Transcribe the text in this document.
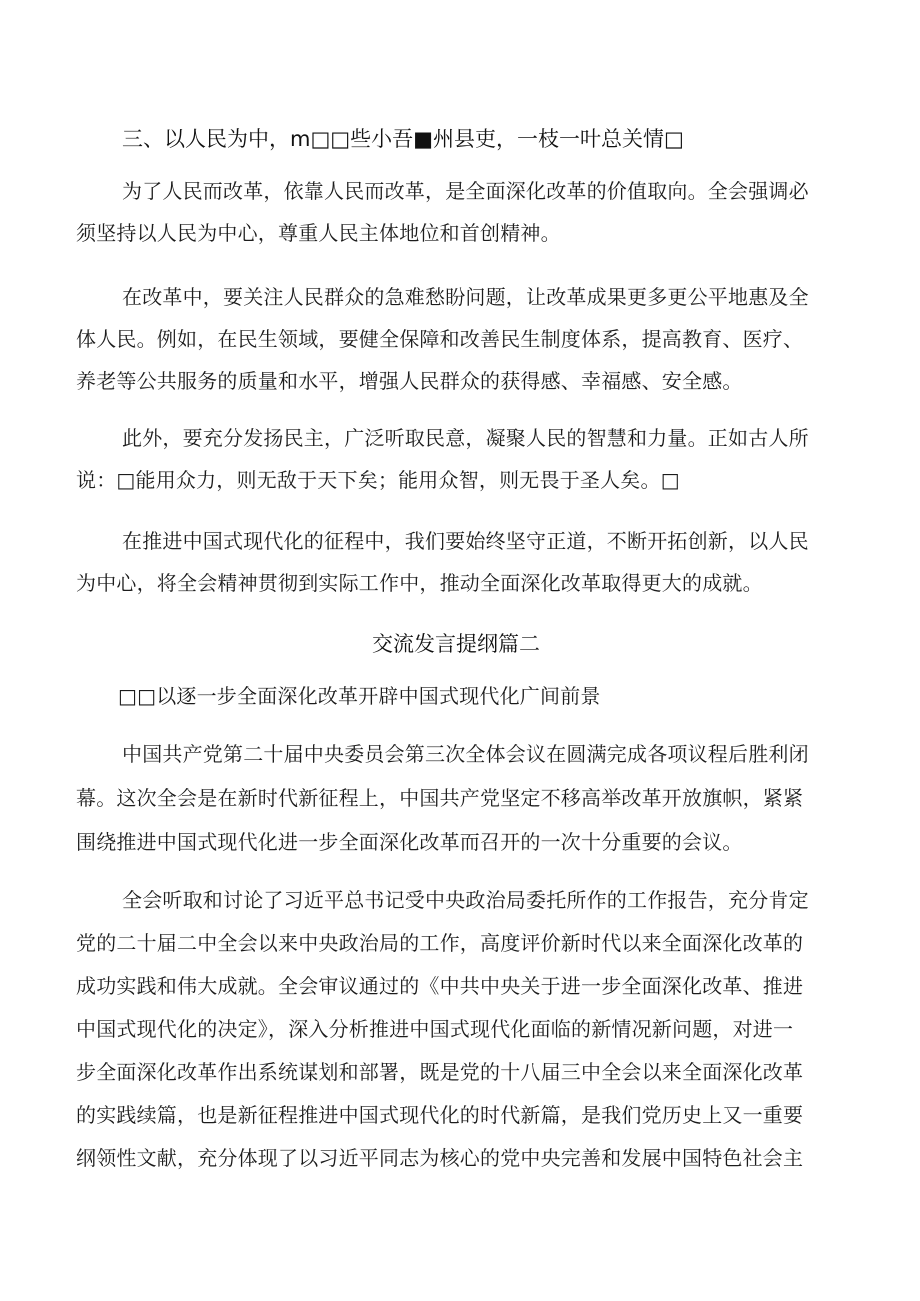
三、以人民为中，m□□些小吾■州县吏，一枝一叶总关情□
为了人民而改革，依靠人民而改革，是全面深化改革的价值取向。全会强调必
须坚持以人民为中心，尊重人民主体地位和首创精神。
在改革中，要关注人民群众的急难愁盼问题，让改革成果更多更公平地惠及全
体人民。例如，在民生领域，要健全保障和改善民生制度体系，提高教育、医疗、
养老等公共服务的质量和水平，增强人民群众的获得感、幸福感、安全感。
此外，要充分发扬民主，广泛听取民意，凝聚人民的智慧和力量。正如古人所
说：□能用众力，则无敌于天下矣；能用众智，则无畏于圣人矣。□
在推进中国式现代化的征程中，我们要始终坚守正道，不断开拓创新，以人民
为中心，将全会精神贯彻到实际工作中，推动全面深化改革取得更大的成就。
交流发言提纲篇二
□□以逐一步全面深化改革开辟中国式现代化广间前景
中国共产党第二十届中央委员会第三次全体会议在圆满完成各项议程后胜利闭
幕。这次全会是在新时代新征程上，中国共产党坚定不移高举改革开放旗帜，紧紧
围绕推进中国式现代化进一步全面深化改革而召开的一次十分重要的会议。
全会听取和讨论了习近平总书记受中央政治局委托所作的工作报告，充分肯定
党的二十届二中全会以来中央政治局的工作，高度评价新时代以来全面深化改革的
成功实践和伟大成就。全会审议通过的《中共中央关于进一步全面深化改革、推进
中国式现代化的决定》，深入分析推进中国式现代化面临的新情况新问题，对进一
步全面深化改革作出系统谋划和部署，既是党的十八届三中全会以来全面深化改革
的实践续篇，也是新征程推进中国式现代化的时代新篇，是我们党历史上又一重要
纲领性文献，充分体现了以习近平同志为核心的党中央完善和发展中国特色社会主
